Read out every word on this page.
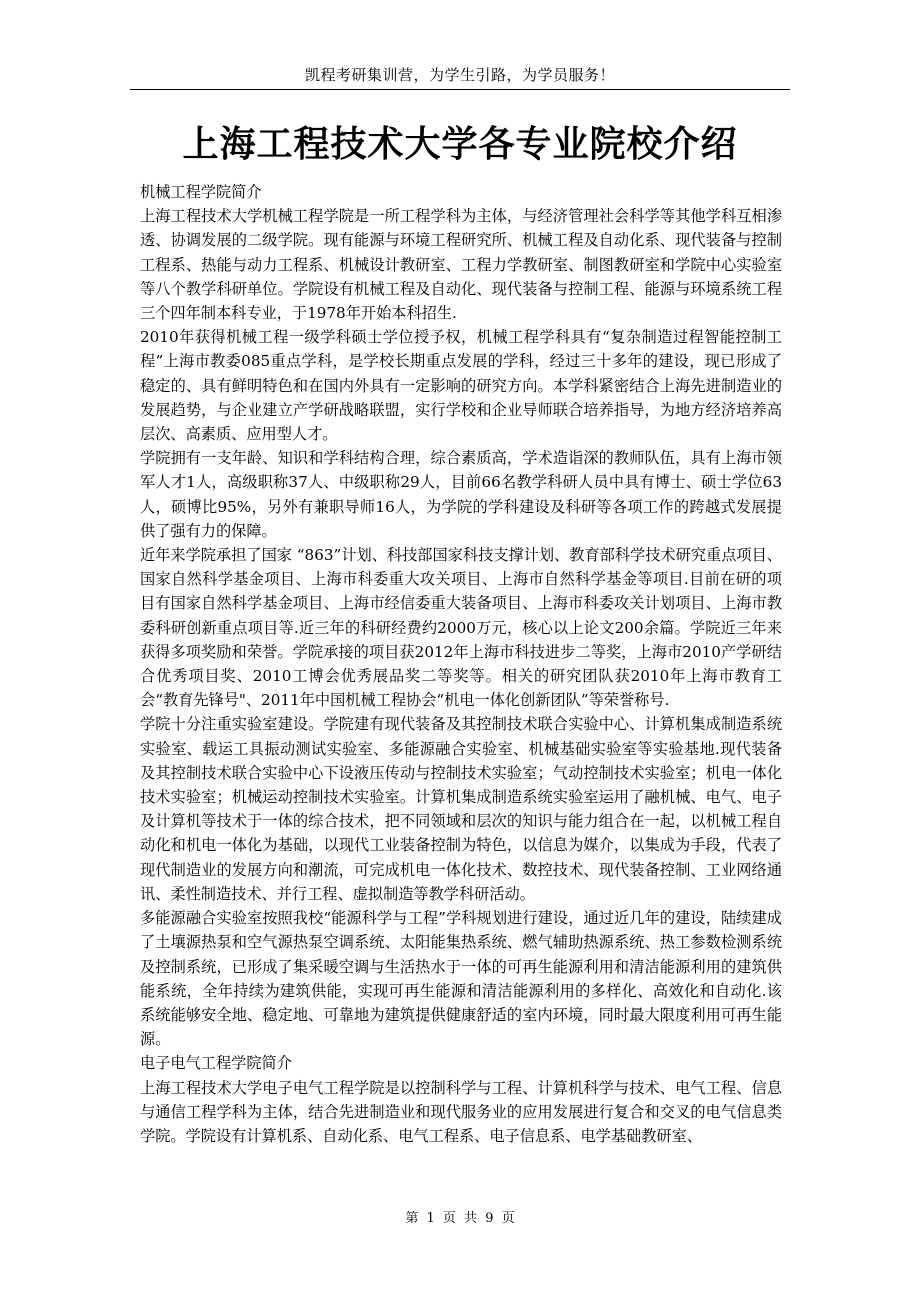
凯程考研集训营，为学生引路，为学员服务！
上海工程技术大学各专业院校介绍

机械工程学院简介

上海工程技术大学机械工程学院是一所工程学科为主体，与经济管理社会科学等其他学科互相渗透、协调发展的二级学院。现有能源与环境工程研究所、机械工程及自动化系、现代装备与控制工程系、热能与动力工程系、机械设计教研室、工程力学教研室、制图教研室和学院中心实验室等八个教学科研单位。学院设有机械工程及自动化、现代装备与控制工程、能源与环境系统工程三个四年制本科专业，于1978年开始本科招生.

2010年获得机械工程一级学科硕士学位授予权，机械工程学科具有“复杂制造过程智能控制工程”上海市教委085重点学科，是学校长期重点发展的学科，经过三十多年的建设，现已形成了稳定的、具有鲜明特色和在国内外具有一定影响的研究方向。本学科紧密结合上海先进制造业的发展趋势，与企业建立产学研战略联盟，实行学校和企业导师联合培养指导，为地方经济培养高层次、高素质、应用型人才。

学院拥有一支年龄、知识和学科结构合理，综合素质高，学术造诣深的教师队伍，具有上海市领军人才1人，高级职称37人、中级职称29人，目前66名教学科研人员中具有博士、硕士学位63人，硕博比95%，另外有兼职导师16人，为学院的学科建设及科研等各项工作的跨越式发展提供了强有力的保障。

近年来学院承担了国家 “863”计划、科技部国家科技支撑计划、教育部科学技术研究重点项目、国家自然科学基金项目、上海市科委重大攻关项目、上海市自然科学基金等项目.目前在研的项目有国家自然科学基金项目、上海市经信委重大装备项目、上海市科委攻关计划项目、上海市教委科研创新重点项目等.近三年的科研经费约2000万元，核心以上论文200余篇。学院近三年来获得多项奖励和荣誉。学院承接的项目获2012年上海市科技进步二等奖，上海市2010产学研结合优秀项目奖、2010工博会优秀展品奖二等奖等。相关的研究团队获2010年上海市教育工会“教育先锋号"、2011年中国机械工程协会“机电一体化创新团队”等荣誉称号.

学院十分注重实验室建设。学院建有现代装备及其控制技术联合实验中心、计算机集成制造系统实验室、载运工具振动测试实验室、多能源融合实验室、机械基础实验室等实验基地.现代装备及其控制技术联合实验中心下设液压传动与控制技术实验室；气动控制技术实验室；机电一体化技术实验室；机械运动控制技术实验室。计算机集成制造系统实验室运用了融机械、电气、电子及计算机等技术于一体的综合技术，把不同领域和层次的知识与能力组合在一起，以机械工程自动化和机电一体化为基础，以现代工业装备控制为特色，以信息为媒介，以集成为手段，代表了现代制造业的发展方向和潮流，可完成机电一体化技术、数控技术、现代装备控制、工业网络通讯、柔性制造技术、并行工程、虚拟制造等教学科研活动。

多能源融合实验室按照我校“能源科学与工程”学科规划进行建设，通过近几年的建设，陆续建成了土壤源热泵和空气源热泵空调系统、太阳能集热系统、燃气辅助热源系统、热工参数检测系统及控制系统，已形成了集采暖空调与生活热水于一体的可再生能源利用和清洁能源利用的建筑供能系统，全年持续为建筑供能，实现可再生能源和清洁能源利用的多样化、高效化和自动化.该系统能够安全地、稳定地、可靠地为建筑提供健康舒适的室内环境，同时最大限度利用可再生能源。

电子电气工程学院简介

上海工程技术大学电子电气工程学院是以控制科学与工程、计算机科学与技术、电气工程、信息与通信工程学科为主体，结合先进制造业和现代服务业的应用发展进行复合和交叉的电气信息类学院。学院设有计算机系、自动化系、电气工程系、电子信息系、电学基础教研室、

第 1 页 共 9 页
